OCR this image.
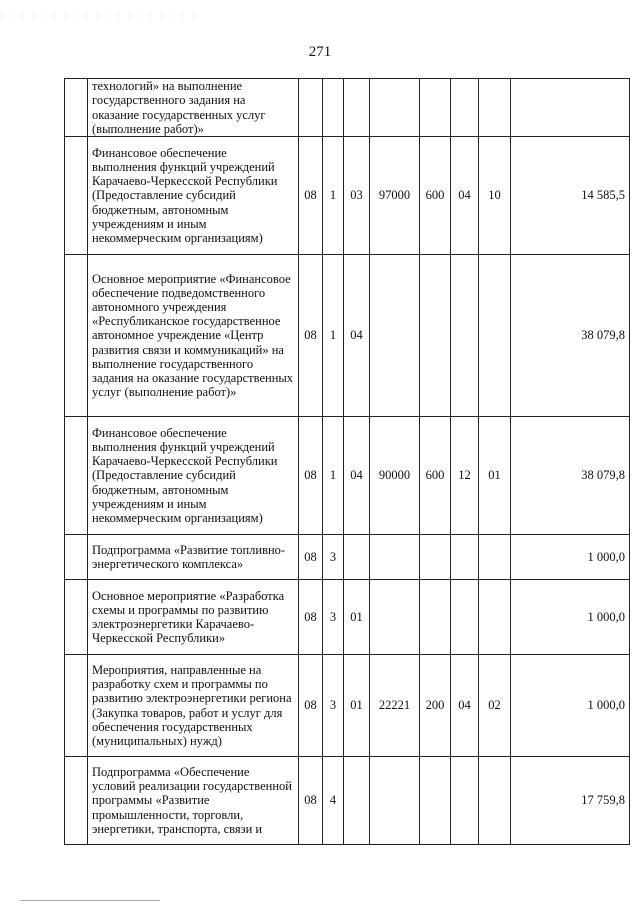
· · · · · · · · · · · · · · · · · · ·
271
	технологий» на выполнение государственного задания на оказание государственных услуг (выполнение работ)»								
	Финансовое обеспечение выполнения функций учреждений Карачаево-Черкесской Республики (Предоставление субсидий бюджетным, автономным учреждениям и иным некоммерческим организациям)	08	1	03	97000	600	04	10	14 585,5
	Основное мероприятие «Финансовое обеспечение подведомственного автономного учреждения «Республиканское государственное автономное учреждение «Центр развития связи и коммуникаций» на выполнение государственного задания на оказание государственных услуг (выполнение работ)»	08	1	04					38 079,8
	Финансовое обеспечение выполнения функций учреждений Карачаево-Черкесской Республики (Предоставление субсидий бюджетным, автономным учреждениям и иным некоммерческим организациям)	08	1	04	90000	600	12	01	38 079,8
	Подпрограмма «Развитие топливно-энергетического комплекса»	08	3						1 000,0
	Основное мероприятие «Разработка схемы и программы по развитию электроэнергетики Карачаево- Черкесской Республики»	08	3	01					1 000,0
	Мероприятия, направленные на разработку схем и программы по развитию электроэнергетики региона (Закупка товаров, работ и услуг для обеспечения государственных (муниципальных) нужд)	08	3	01	22221	200	04	02	1 000,0
	Подпрограмма «Обеспечение условий реализации государственной программы «Развитие промышленности, торговли, энергетики, транспорта, связи и	08	4						17 759,8
